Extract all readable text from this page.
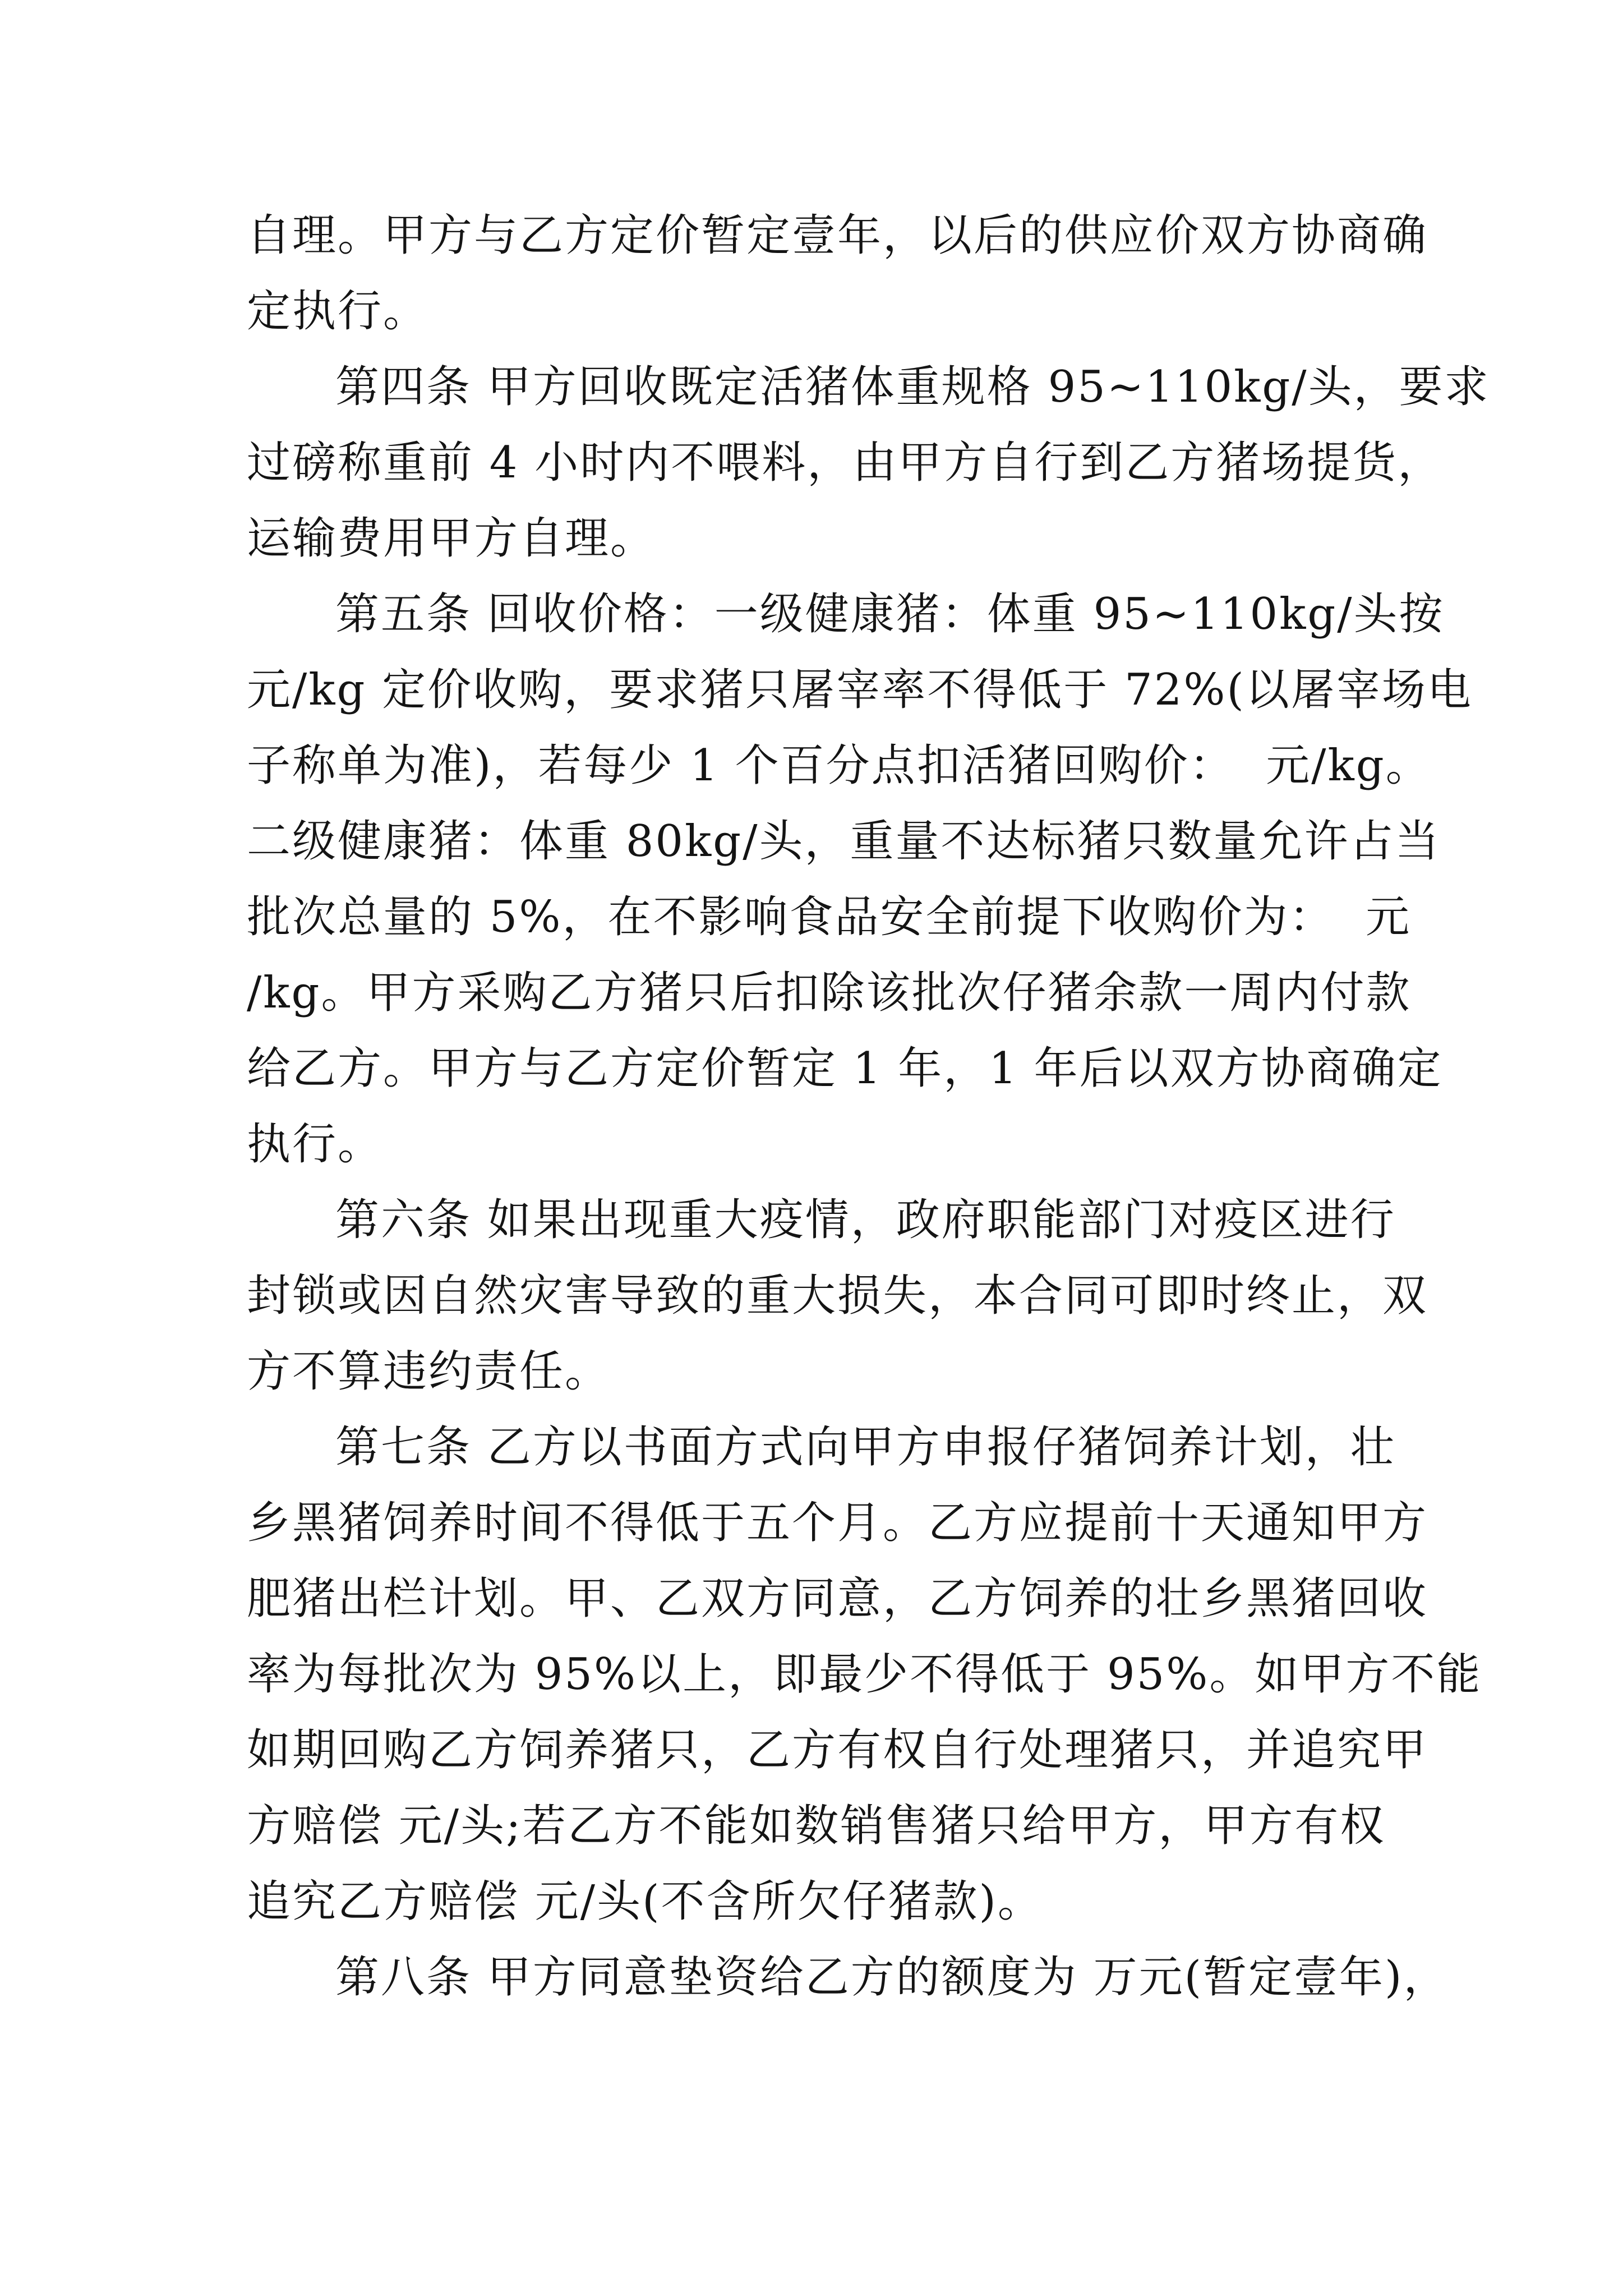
自理。甲方与乙方定价暂定壹年，以后的供应价双方协商确

定执行。

第四条 甲方回收既定活猪体重规格 95~110kg/头，要求

过磅称重前 4 小时内不喂料，由甲方自行到乙方猪场提货，

运输费用甲方自理。

第五条 回收价格：一级健康猪：体重 95~110kg/头按

元/kg 定价收购，要求猪只屠宰率不得低于 72%(以屠宰场电

子称单为准)，若每少 1 个百分点扣活猪回购价：  元/kg。

二级健康猪：体重 80kg/头，重量不达标猪只数量允许占当

批次总量的 5%，在不影响食品安全前提下收购价为：  元

/kg。甲方采购乙方猪只后扣除该批次仔猪余款一周内付款

给乙方。甲方与乙方定价暂定 1 年，1 年后以双方协商确定

执行。

第六条 如果出现重大疫情，政府职能部门对疫区进行

封锁或因自然灾害导致的重大损失，本合同可即时终止，双

方不算违约责任。

第七条 乙方以书面方式向甲方申报仔猪饲养计划，壮

乡黑猪饲养时间不得低于五个月。乙方应提前十天通知甲方

肥猪出栏计划。甲、乙双方同意，乙方饲养的壮乡黑猪回收

率为每批次为 95%以上，即最少不得低于 95%。如甲方不能

如期回购乙方饲养猪只，乙方有权自行处理猪只，并追究甲

方赔偿 元/头;若乙方不能如数销售猪只给甲方，甲方有权

追究乙方赔偿 元/头(不含所欠仔猪款)。

第八条 甲方同意垫资给乙方的额度为 万元(暂定壹年)，
